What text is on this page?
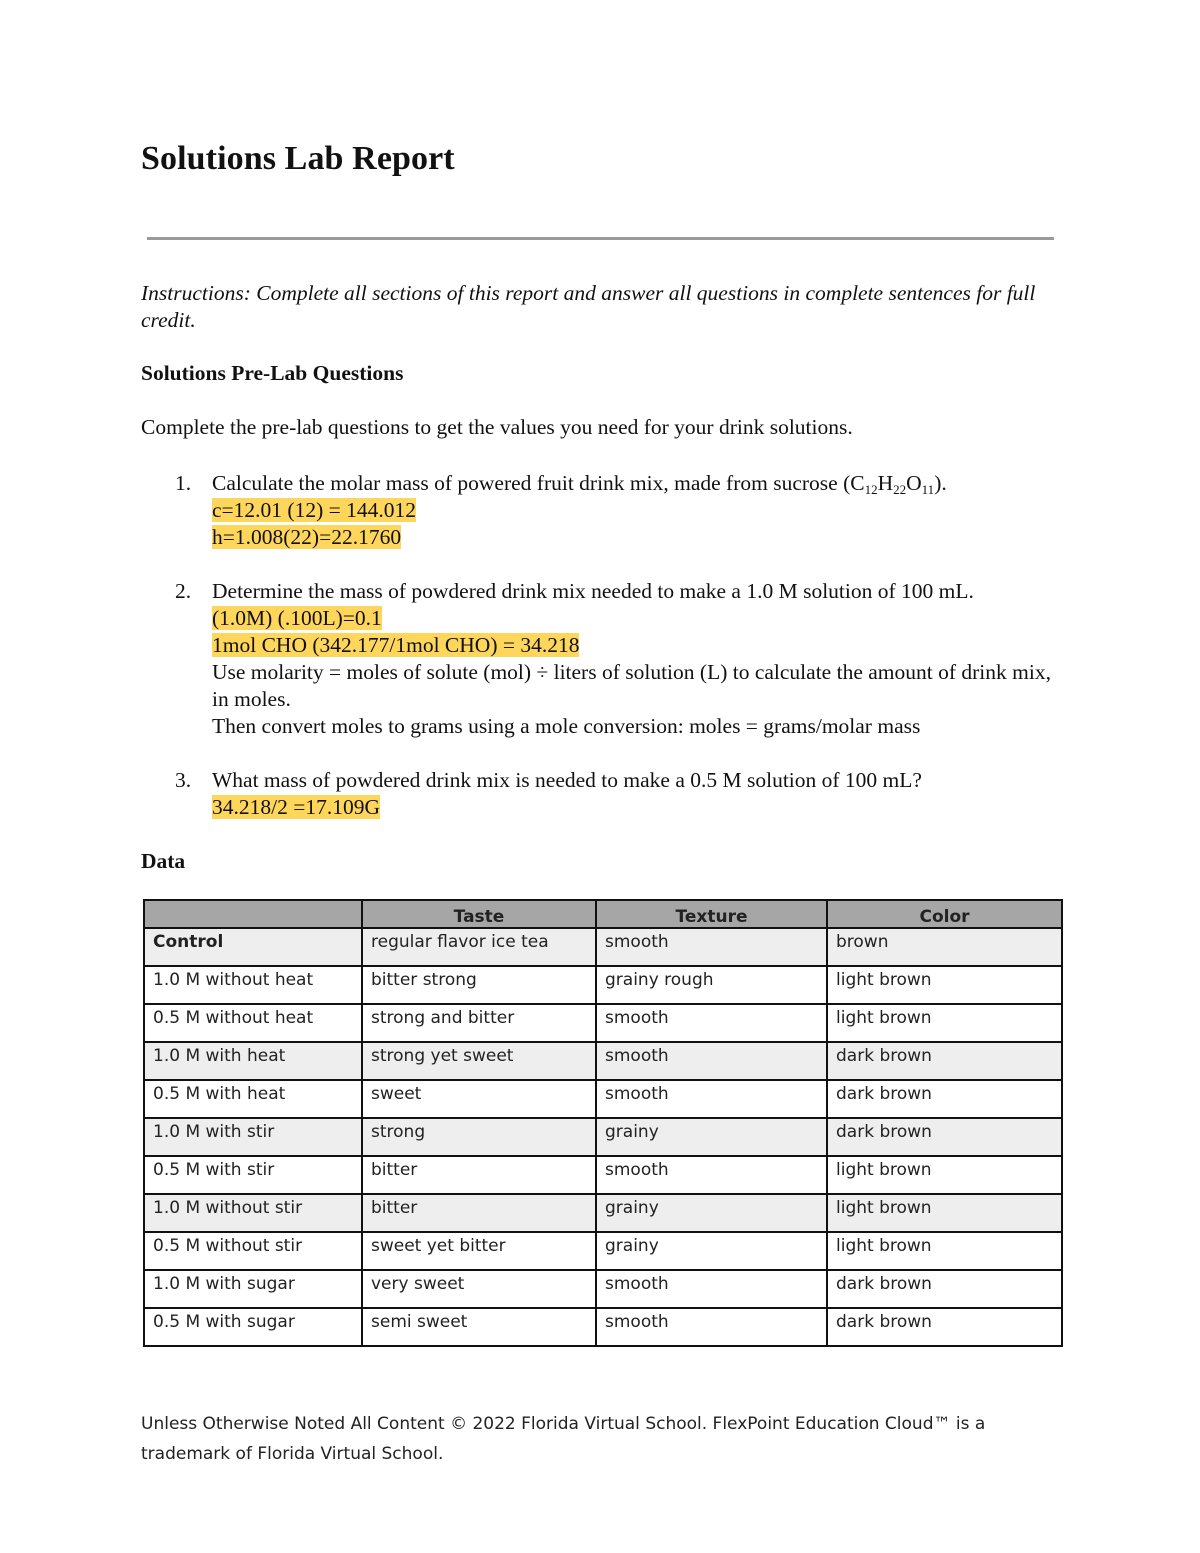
Solutions Lab Report

Instructions: Complete all sections of this report and answer all questions in complete sentences for full credit.

Solutions Pre-Lab Questions

Complete the pre-lab questions to get the values you need for your drink solutions.

1. Calculate the molar mass of powered fruit drink mix, made from sucrose $(C_{12}H_{22}O_{11})$.
c=12.01 (12) = 144.012
h=1.008(22)=22.1760
2. Determine the mass of powdered drink mix needed to make a 1.0 M solution of 100 mL.
(1.0M) (.100L)=0.1
1mol CHO (342.177/1mol CHO) = 34.218
Use molarity = moles of solute (mol) ÷ liters of solution (L) to calculate the amount of drink mix, in moles.
Then convert moles to grams using a mole conversion: moles = grams/molar mass
3. What mass of powdered drink mix is needed to make a 0.5 M solution of 100 mL?
34.218/2 =17.109G
Data
	Taste	Texture	Color
Control	regular flavor ice tea	smooth	brown
1.0 M without heat	bitter strong	grainy rough	light brown
0.5 M without heat	strong and bitter	smooth	light brown
1.0 M with heat	strong yet sweet	smooth	dark brown
0.5 M with heat	sweet	smooth	dark brown
1.0 M with stir	strong	grainy	dark brown
0.5 M with stir	bitter	smooth	light brown
1.0 M without stir	bitter	grainy	light brown
0.5 M without stir	sweet yet bitter	grainy	light brown
1.0 M with sugar	very sweet	smooth	dark brown
0.5 M with sugar	semi sweet	smooth	dark brown

Unless Otherwise Noted All Content © 2022 Florida Virtual School. FlexPoint Education Cloud™ is a trademark of Florida Virtual School.
